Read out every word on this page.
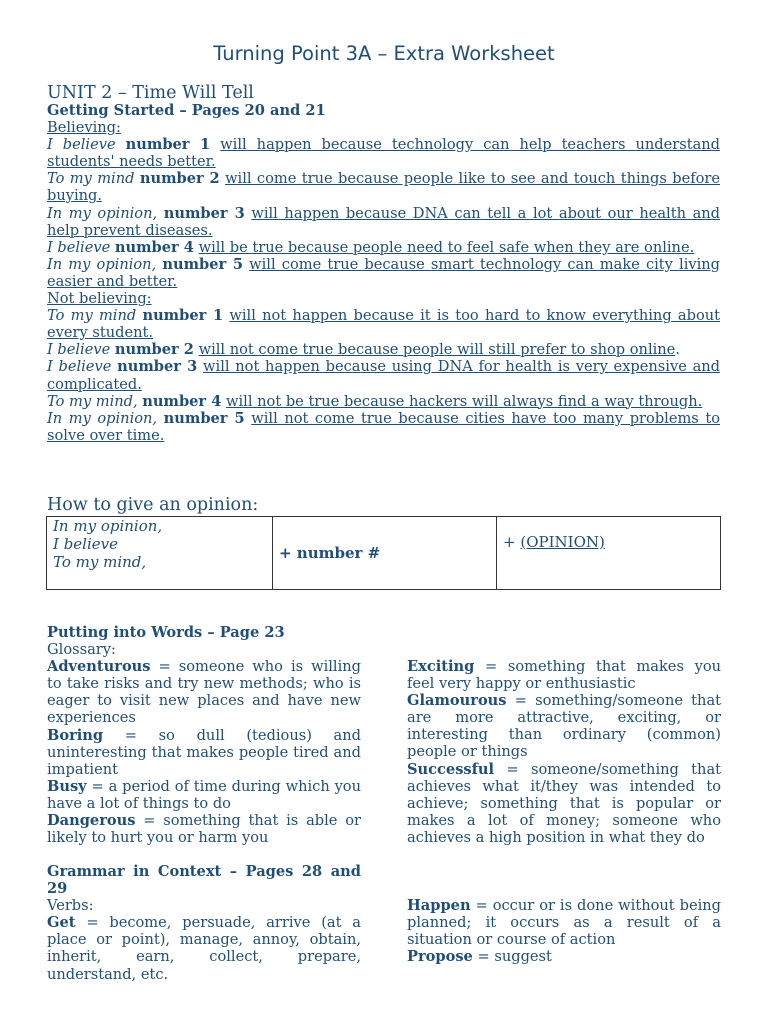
Turning Point 3A – Extra Worksheet
UNIT 2 – Time Will Tell
Getting Started – Pages 20 and 21
Believing:
I believe number 1 will happen because technology can help teachers understand students' needs better.
To my mind number 2 will come true because people like to see and touch things before buying.
In my opinion, number 3 will happen because DNA can tell a lot about our health and help prevent diseases.
I believe number 4 will be true because people need to feel safe when they are online.
In my opinion, number 5 will come true because smart technology can make city living easier and better.
Not believing:
To my mind number 1 will not happen because it is too hard to know everything about every student.
I believe number 2 will not come true because people will still prefer to shop online.
I believe number 3 will not happen because using DNA for health is very expensive and complicated.
To my mind, number 4 will not be true because hackers will always find a way through.
In my opinion, number 5 will not come true because cities have too many problems to solve over time.
How to give an opinion:
In my opinion,
I believe
To my mind,	+ number #	+ (OPINION)
Putting into Words – Page 23
Glossary:
Adventurous = someone who is willing to take risks and try new methods; who is eager to visit new places and have new experiences
Boring = so dull (tedious) and uninteresting that makes people tired and impatient
Busy = a period of time during which you have a lot of things to do
Dangerous = something that is able or likely to hurt you or harm you
Exciting = something that makes you feel very happy or enthusiastic
Glamourous = something/someone that are more attractive, exciting, or interesting than ordinary (common) people or things
Successful = someone/something that achieves what it/they was intended to achieve; something that is popular or makes a lot of money; someone who achieves a high position in what they do
Grammar in Context – Pages 28 and 29
Verbs:
Get = become, persuade, arrive (at a place or point), manage, annoy, obtain, inherit, earn, collect, prepare, understand, etc.
Happen = occur or is done without being planned; it occurs as a result of a situation or course of action
Propose = suggest
